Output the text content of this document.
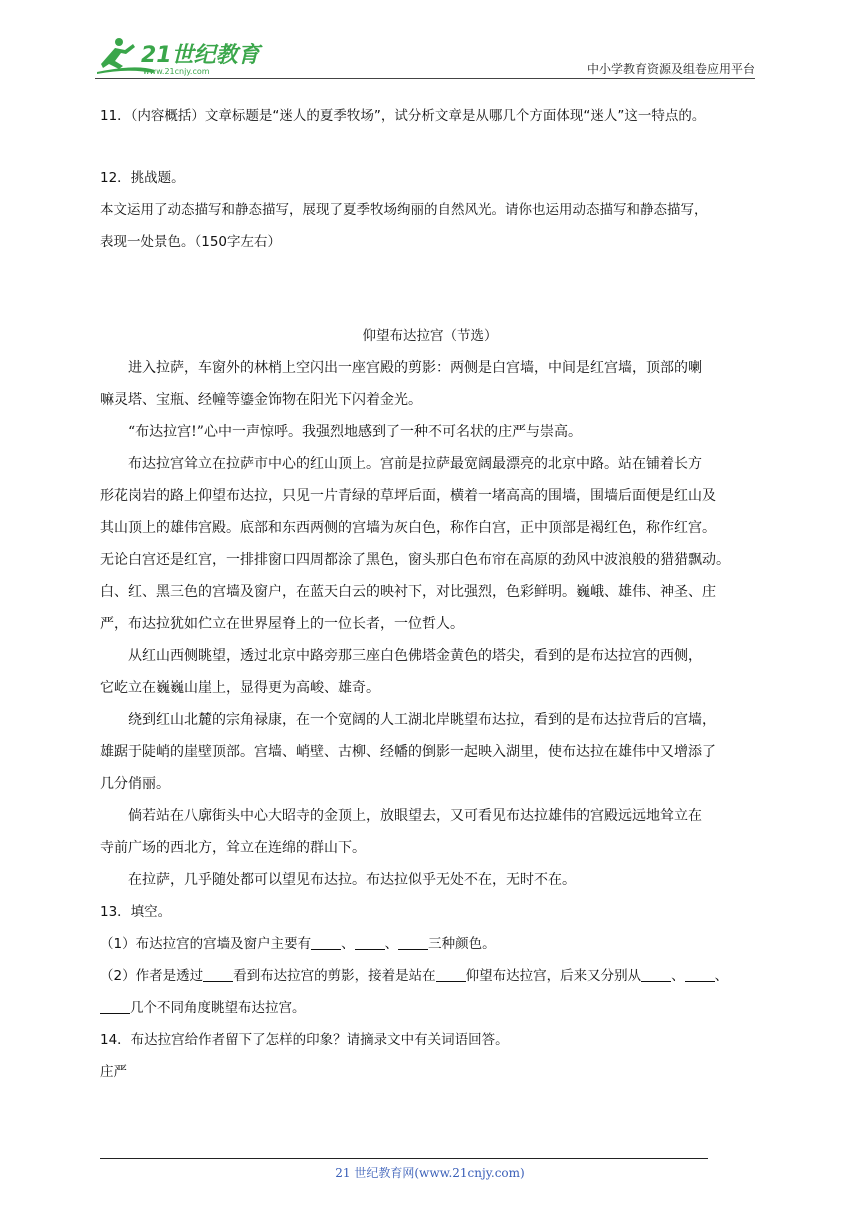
21世纪教育
www.21cnjy.com	中小学教育资源及组卷应用平台
11．（内容概括）文章标题是“迷人的夏季牧场”，试分析文章是从哪几个方面体现“迷人”这一特点的。
12．挑战题。
本文运用了动态描写和静态描写，展现了夏季牧场绚丽的自然风光。请你也运用动态描写和静态描写，
表现一处景色。（150字左右）
仰望布达拉宫（节选）
进入拉萨，车窗外的林梢上空闪出一座宫殿的剪影：两侧是白宫墙，中间是红宫墙，顶部的喇
嘛灵塔、宝瓶、经幢等鎏金饰物在阳光下闪着金光。
“布达拉宫!”心中一声惊呼。我强烈地感到了一种不可名状的庄严与崇高。
布达拉宫耸立在拉萨市中心的红山顶上。宫前是拉萨最宽阔最漂亮的北京中路。站在铺着长方
形花岗岩的路上仰望布达拉，只见一片青绿的草坪后面，横着一堵高高的围墙，围墙后面便是红山及
其山顶上的雄伟宫殿。底部和东西两侧的宫墙为灰白色，称作白宫，正中顶部是褐红色，称作红宫。
无论白宫还是红宫，一排排窗口四周都涂了黑色，窗头那白色布帘在高原的劲风中波浪般的猎猎飘动。
白、红、黑三色的宫墙及窗户，在蓝天白云的映衬下，对比强烈，色彩鲜明。巍峨、雄伟、神圣、庄
严，布达拉犹如伫立在世界屋脊上的一位长者，一位哲人。
从红山西侧眺望，透过北京中路旁那三座白色佛塔金黄色的塔尖，看到的是布达拉宫的西侧，
它屹立在巍巍山崖上，显得更为高峻、雄奇。
绕到红山北麓的宗角禄康，在一个宽阔的人工湖北岸眺望布达拉，看到的是布达拉背后的宫墙，
雄踞于陡峭的崖壁顶部。宫墙、峭壁、古柳、经幡的倒影一起映入湖里，使布达拉在雄伟中又增添了
几分俏丽。
倘若站在八廓街头中心大昭寺的金顶上，放眼望去，又可看见布达拉雄伟的宫殿远远地耸立在
寺前广场的西北方，耸立在连绵的群山下。
在拉萨，几乎随处都可以望见布达拉。布达拉似乎无处不在，无时不在。
13．填空。
（1）布达拉宫的宫墙及窗户主要有 、 、 三种颜色。
（2）作者是透过 看到布达拉宫的剪影，接着是站在 仰望布达拉宫，后来又分别从 、 、
几个不同角度眺望布达拉宫。
14．布达拉宫给作者留下了怎样的印象？请摘录文中有关词语回答。
庄严
21 世纪教育网(www.21cnjy.com)
